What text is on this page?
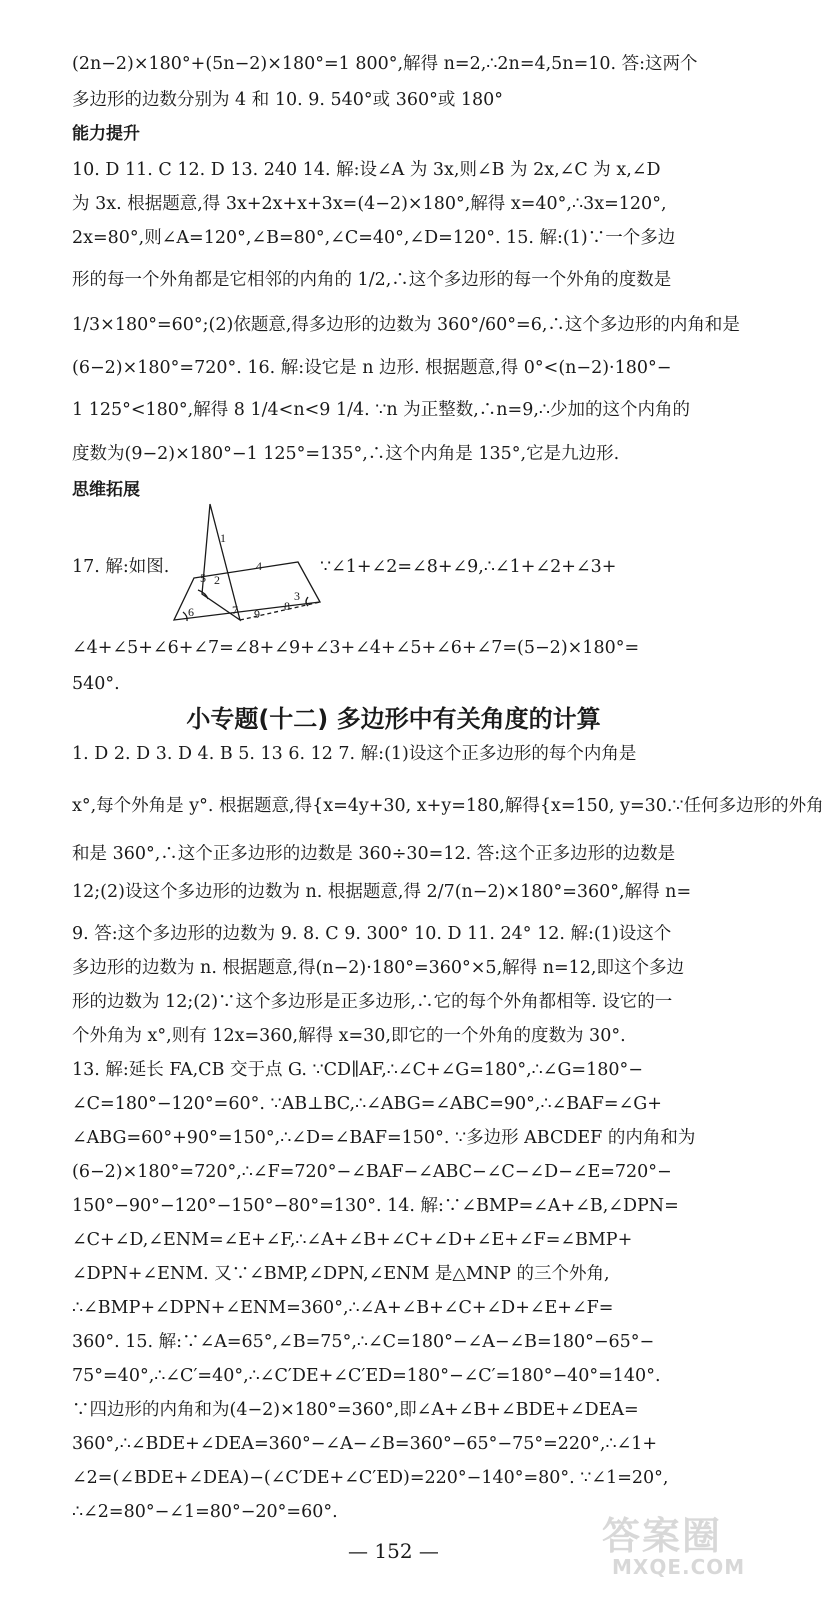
(2n−2)×180°+(5n−2)×180°=1 800°,解得 n=2,∴2n=4,5n=10. 答:这两个
多边形的边数分别为 4 和 10. 9. 540°或 360°或 180°
能力提升
10. D 11. C 12. D 13. 240 14. 解:设∠A 为 3x,则∠B 为 2x,∠C 为 x,∠D
为 3x. 根据题意,得 3x+2x+x+3x=(4−2)×180°,解得 x=40°,∴3x=120°,
2x=80°,则∠A=120°,∠B=80°,∠C=40°,∠D=120°. 15. 解:(1)∵一个多边
形的每一个外角都是它相邻的内角的 1/2,∴这个多边形的每一个外角的度数是
1/3×180°=60°;(2)依题意,得多边形的边数为 360°/60°=6,∴这个多边形的内角和是
(6−2)×180°=720°. 16. 解:设它是 n 边形. 根据题意,得 0°<(n−2)·180°−
1 125°<180°,解得 8 1/4<n<9 1/4. ∵n 为正整数,∴n=9,∴少加的这个内角的
度数为(9−2)×180°−1 125°=135°,∴这个内角是 135°,它是九边形.
思维拓展
17. 解:如图.
1
2
3
4
5
6	7	8
9
∵∠1+∠2=∠8+∠9,∴∠1+∠2+∠3+
∠4+∠5+∠6+∠7=∠8+∠9+∠3+∠4+∠5+∠6+∠7=(5−2)×180°=
540°.
小专题(十二) 多边形中有关角度的计算
1. D 2. D 3. D 4. B 5. 13 6. 12 7. 解:(1)设这个正多边形的每个内角是
x°,每个外角是 y°. 根据题意,得{x=4y+30, x+y=180,解得{x=150, y=30.∵任何多边形的外角
和是 360°,∴这个正多边形的边数是 360÷30=12. 答:这个正多边形的边数是
12;(2)设这个多边形的边数为 n. 根据题意,得 2/7(n−2)×180°=360°,解得 n=
9. 答:这个多边形的边数为 9. 8. C 9. 300° 10. D 11. 24° 12. 解:(1)设这个
多边形的边数为 n. 根据题意,得(n−2)·180°=360°×5,解得 n=12,即这个多边
形的边数为 12;(2)∵这个多边形是正多边形,∴它的每个外角都相等. 设它的一
个外角为 x°,则有 12x=360,解得 x=30,即它的一个外角的度数为 30°.
13. 解:延长 FA,CB 交于点 G. ∵CD∥AF,∴∠C+∠G=180°,∴∠G=180°−
∠C=180°−120°=60°. ∵AB⊥BC,∴∠ABG=∠ABC=90°,∴∠BAF=∠G+
∠ABG=60°+90°=150°,∴∠D=∠BAF=150°. ∵多边形 ABCDEF 的内角和为
(6−2)×180°=720°,∴∠F=720°−∠BAF−∠ABC−∠C−∠D−∠E=720°−
150°−90°−120°−150°−80°=130°. 14. 解:∵∠BMP=∠A+∠B,∠DPN=
∠C+∠D,∠ENM=∠E+∠F,∴∠A+∠B+∠C+∠D+∠E+∠F=∠BMP+
∠DPN+∠ENM. 又∵∠BMP,∠DPN,∠ENM 是△MNP 的三个外角,
∴∠BMP+∠DPN+∠ENM=360°,∴∠A+∠B+∠C+∠D+∠E+∠F=
360°. 15. 解:∵∠A=65°,∠B=75°,∴∠C=180°−∠A−∠B=180°−65°−
75°=40°,∴∠C′=40°,∴∠C′DE+∠C′ED=180°−∠C′=180°−40°=140°.
∵四边形的内角和为(4−2)×180°=360°,即∠A+∠B+∠BDE+∠DEA=
360°,∴∠BDE+∠DEA=360°−∠A−∠B=360°−65°−75°=220°,∴∠1+
∠2=(∠BDE+∠DEA)−(∠C′DE+∠C′ED)=220°−140°=80°. ∵∠1=20°,
∴∠2=80°−∠1=80°−20°=60°.
— 152 —	答案圈
MXQE.COM
